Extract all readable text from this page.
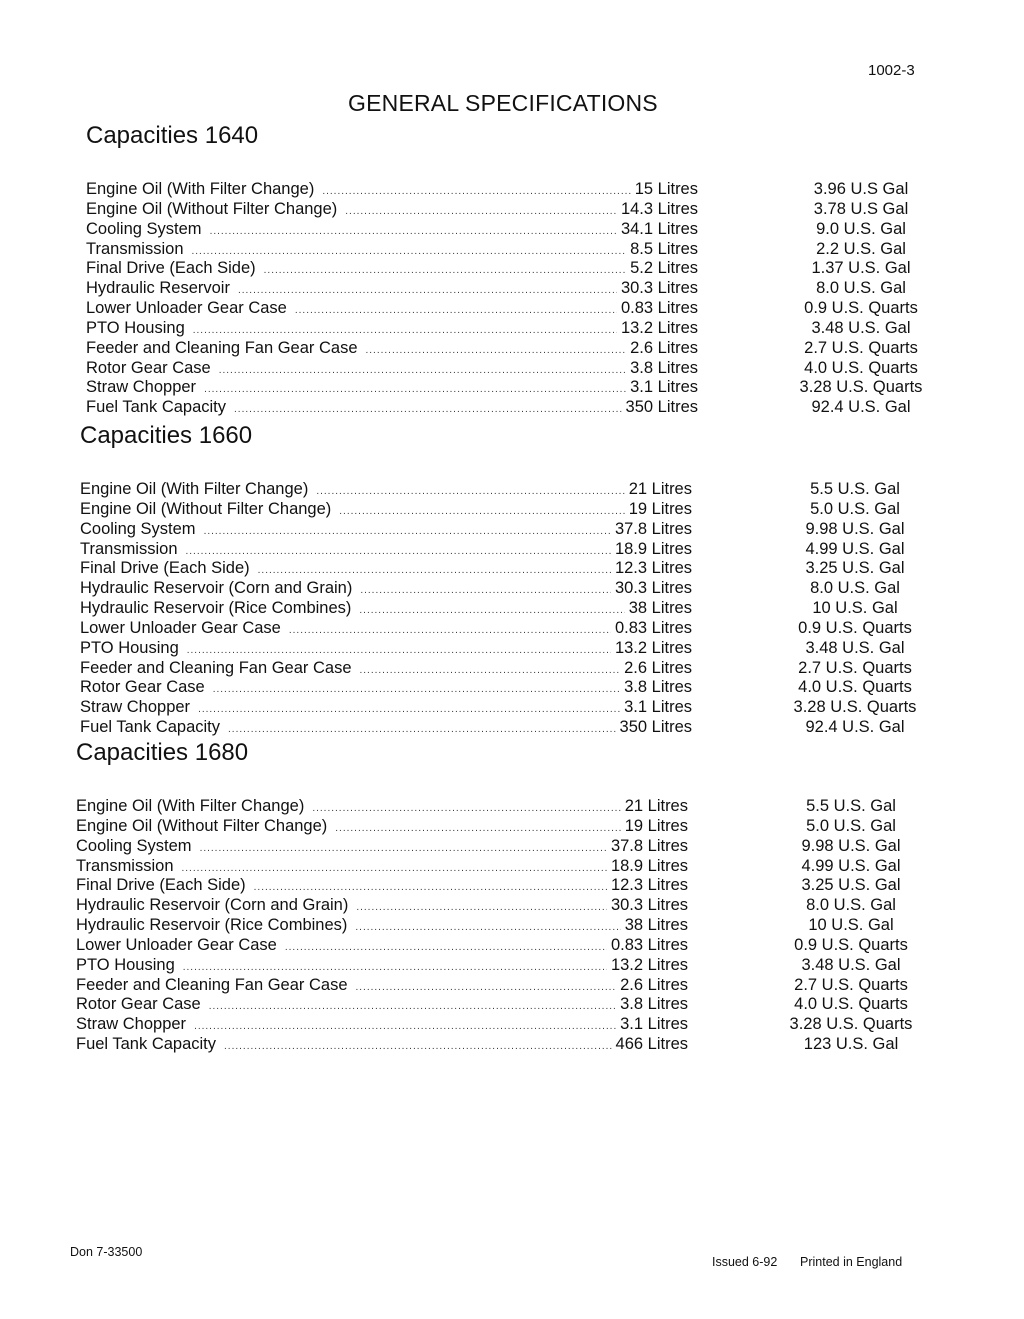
1002-3
GENERAL SPECIFICATIONS
Capacities 1640
Engine Oil (With Filter Change) .....	15 Litres	3.96 U.S Gal
Engine Oil (Without Filter Change) .....	14.3 Litres	3.78 U.S Gal
Cooling System .....	34.1 Litres	9.0 U.S. Gal
Transmission .....	8.5 Litres	2.2 U.S. Gal
Final Drive (Each Side) .....	5.2 Litres	1.37 U.S. Gal
Hydraulic Reservoir .....	30.3 Litres	8.0 U.S. Gal
Lower Unloader Gear Case .....	0.83 Litres	0.9 U.S. Quarts
PTO Housing .....	13.2 Litres	3.48 U.S. Gal
Feeder and Cleaning Fan Gear Case .....	2.6 Litres	2.7 U.S. Quarts
Rotor Gear Case .....	3.8 Litres	4.0 U.S. Quarts
Straw Chopper .....	3.1 Litres	3.28 U.S. Quarts
Fuel Tank Capacity .....	350 Litres	92.4 U.S. Gal
Capacities 1660
Engine Oil (With Filter Change) .....	21 Litres	5.5 U.S. Gal
Engine Oil (Without Filter Change) .....	19 Litres	5.0 U.S. Gal
Cooling System .....	37.8 Litres	9.98 U.S. Gal
Transmission .....	18.9 Litres	4.99 U.S. Gal
Final Drive (Each Side) .....	12.3 Litres	3.25 U.S. Gal
Hydraulic Reservoir (Corn and Grain) .....	30.3 Litres	8.0 U.S. Gal
Hydraulic Reservoir (Rice Combines) .....	38 Litres	10 U.S. Gal
Lower Unloader Gear Case .....	0.83 Litres	0.9 U.S. Quarts
PTO Housing .....	13.2 Litres	3.48 U.S. Gal
Feeder and Cleaning Fan Gear Case .....	2.6 Litres	2.7 U.S. Quarts
Rotor Gear Case .....	3.8 Litres	4.0 U.S. Quarts
Straw Chopper .....	3.1 Litres	3.28 U.S. Quarts
Fuel Tank Capacity .....	350 Litres	92.4 U.S. Gal
Capacities 1680
Engine Oil (With Filter Change) .....	21 Litres	5.5 U.S. Gal
Engine Oil (Without Filter Change) .....	19 Litres	5.0 U.S. Gal
Cooling System .....	37.8 Litres	9.98 U.S. Gal
Transmission .....	18.9 Litres	4.99 U.S. Gal
Final Drive (Each Side) .....	12.3 Litres	3.25 U.S. Gal
Hydraulic Reservoir (Corn and Grain) .....	30.3 Litres	8.0 U.S. Gal
Hydraulic Reservoir (Rice Combines) .....	38 Litres	10 U.S. Gal
Lower Unloader Gear Case .....	0.83 Litres	0.9 U.S. Quarts
PTO Housing .....	13.2 Litres	3.48 U.S. Gal
Feeder and Cleaning Fan Gear Case .....	2.6 Litres	2.7 U.S. Quarts
Rotor Gear Case .....	3.8 Litres	4.0 U.S. Quarts
Straw Chopper .....	3.1 Litres	3.28 U.S. Quarts
Fuel Tank Capacity .....	466 Litres	123 U.S. Gal
Don 7-33500
Issued 6-92 Printed in England
